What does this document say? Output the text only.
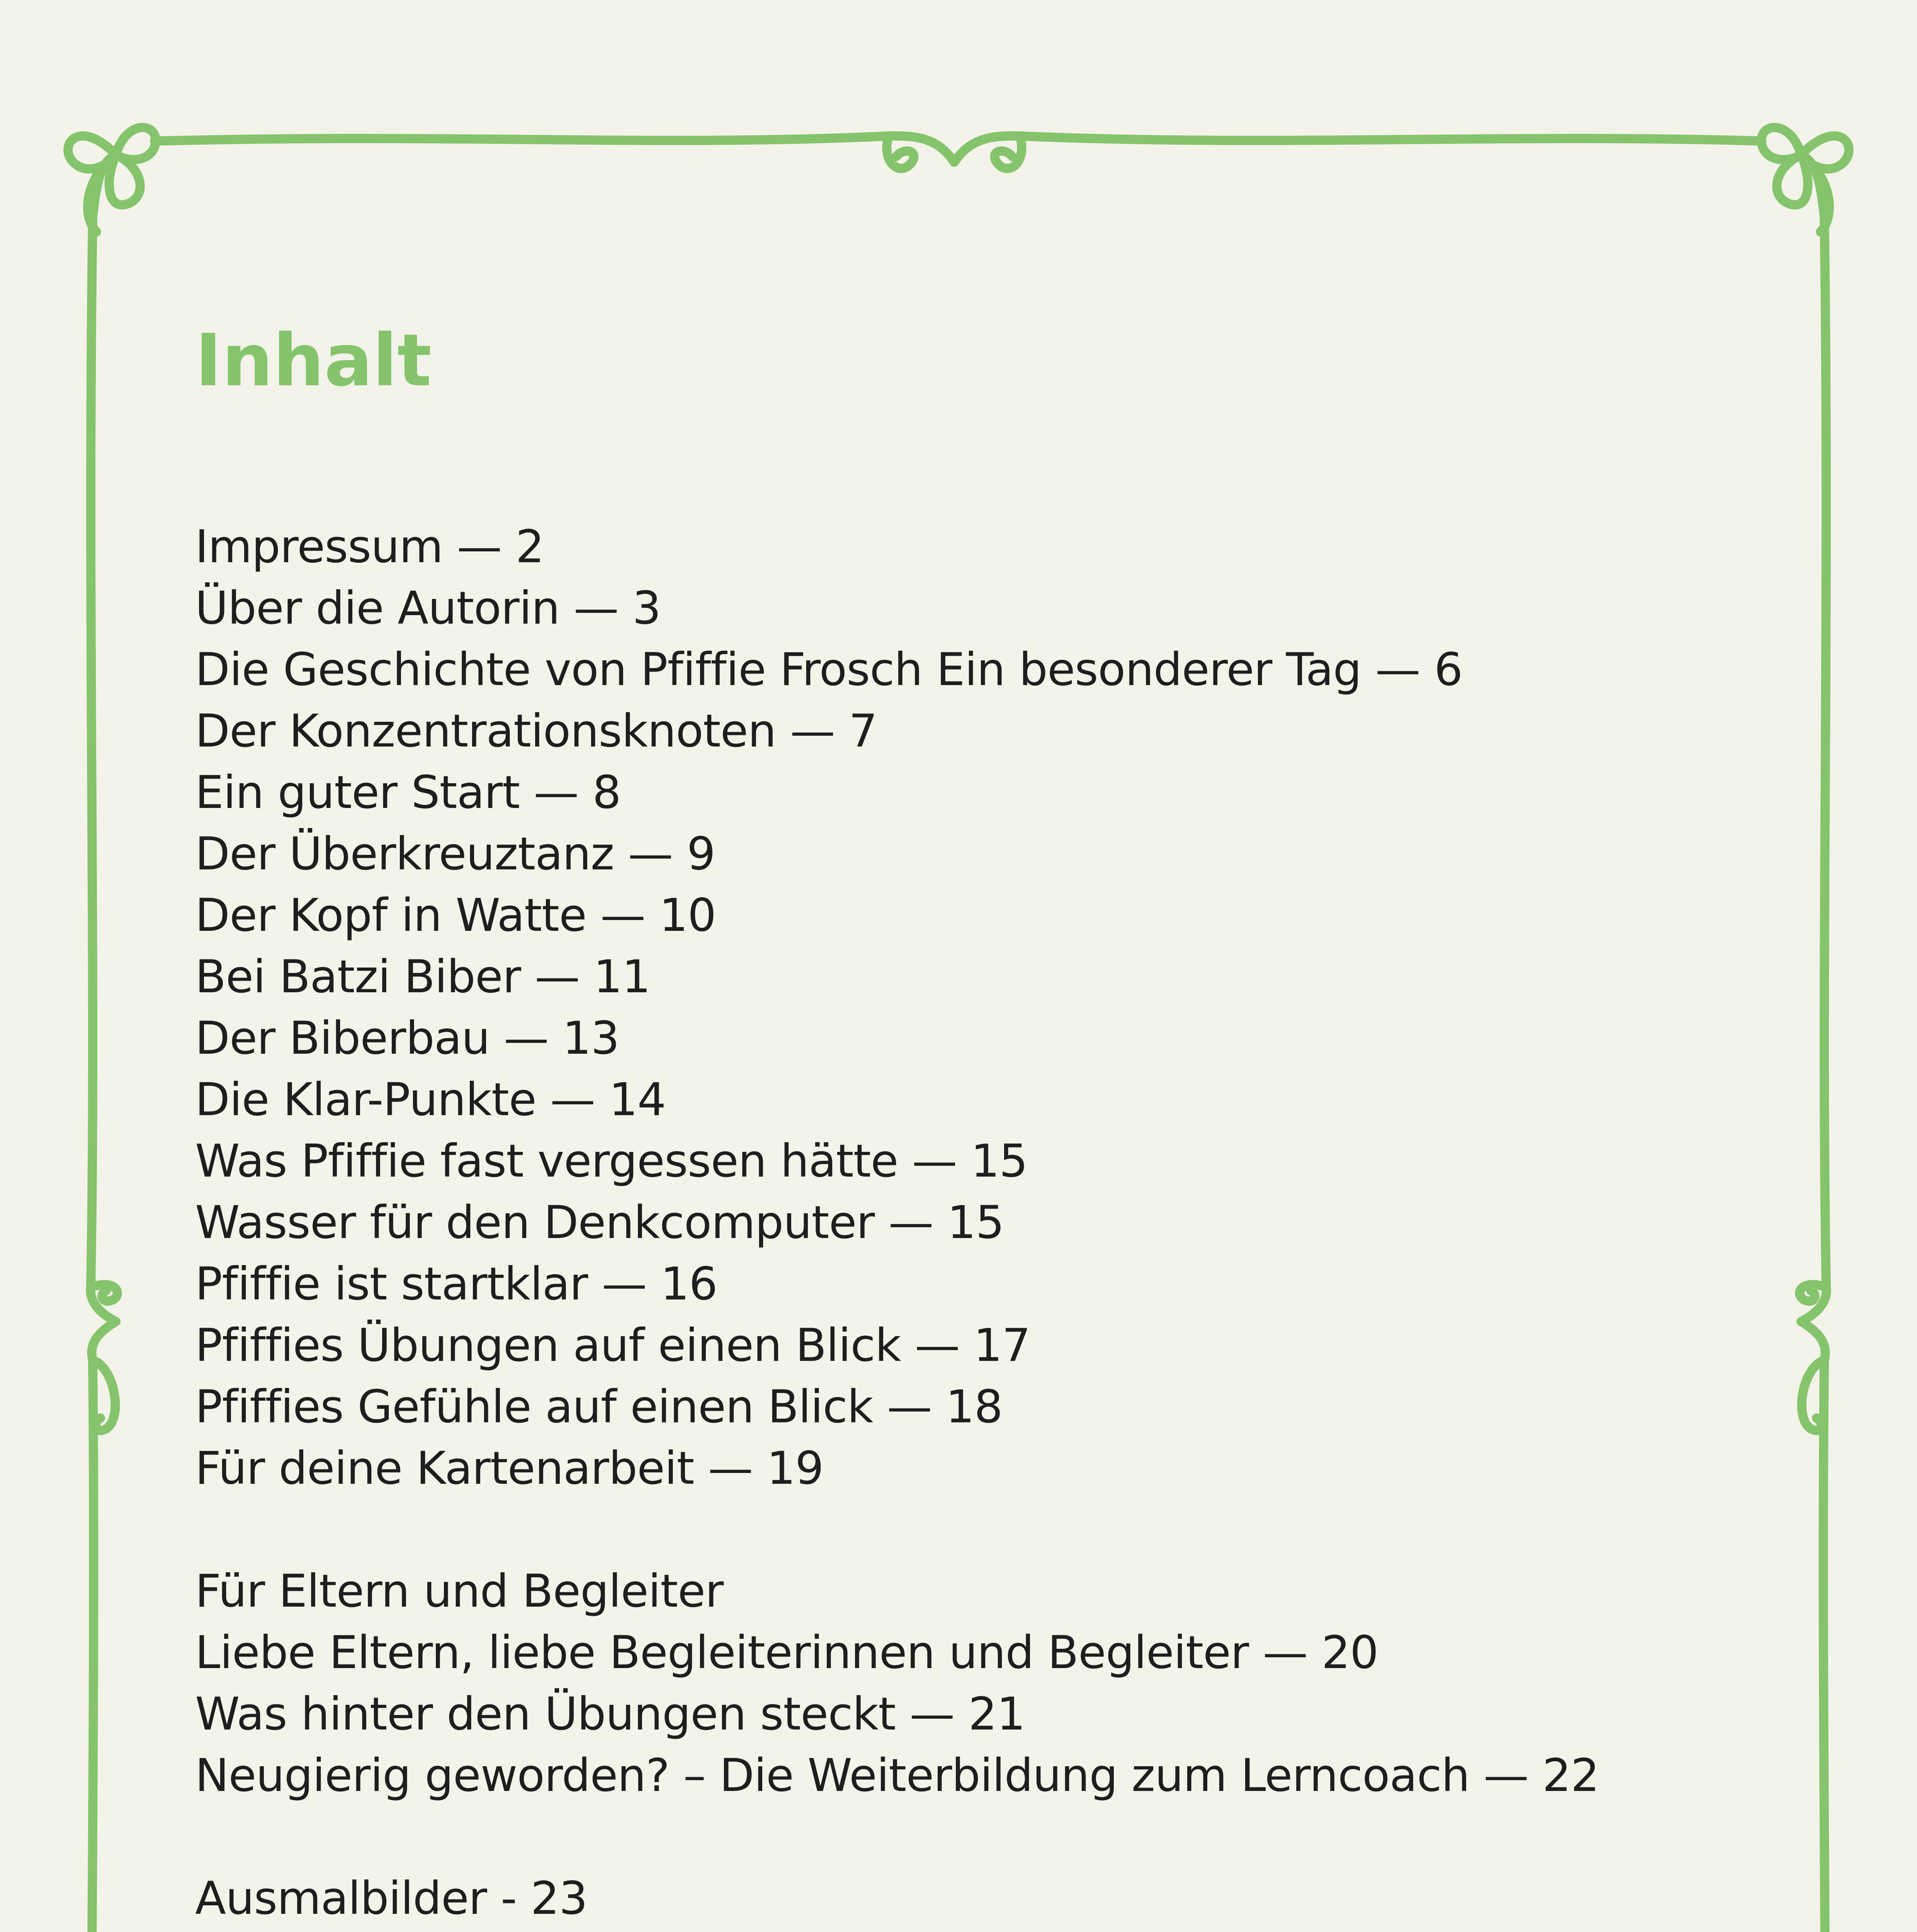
Inhalt
Impressum — 2
Über die Autorin — 3
Die Geschichte von Pfiffie Frosch Ein besonderer Tag — 6
Der Konzentrationsknoten — 7
Ein guter Start — 8
Der Überkreuztanz — 9
Der Kopf in Watte — 10
Bei Batzi Biber — 11
Der Biberbau — 13
Die Klar-Punkte — 14
Was Pfiffie fast vergessen hätte — 15
Wasser für den Denkcomputer — 15
Pfiffie ist startklar — 16
Pfiffies Übungen auf einen Blick — 17
Pfiffies Gefühle auf einen Blick — 18
Für deine Kartenarbeit — 19
Für Eltern und Begleiter
Liebe Eltern, liebe Begleiterinnen und Begleiter — 20
Was hinter den Übungen steckt — 21
Neugierig geworden? – Die Weiterbildung zum Lerncoach — 22
Ausmalbilder - 23
